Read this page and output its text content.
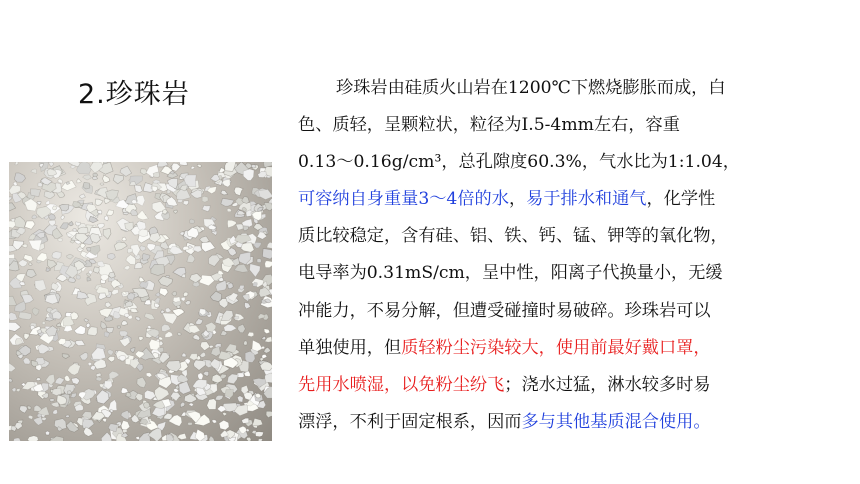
2.珍珠岩	珍珠岩由硅质火山岩在1200℃下燃烧膨胀而成，白
色、质轻，呈颗粒状，粒径为I.5-4mm左右，容重
0.13～0.16g/cm³，总孔隙度60.3%，气水比为1:1.04，
可容纳自身重量3～4倍的水，易于排水和通气，化学性
质比较稳定，含有硅、铝、铁、钙、锰、钾等的氧化物，
电导率为0.31mS/cm，呈中性，阳离子代换量小，无缓
冲能力，不易分解，但遭受碰撞时易破碎。珍珠岩可以
单独使用，但质轻粉尘污染较大，使用前最好戴口罩，
先用水喷湿，以免粉尘纷飞；浇水过猛，淋水较多时易
漂浮，不利于固定根系，因而多与其他基质混合使用。
